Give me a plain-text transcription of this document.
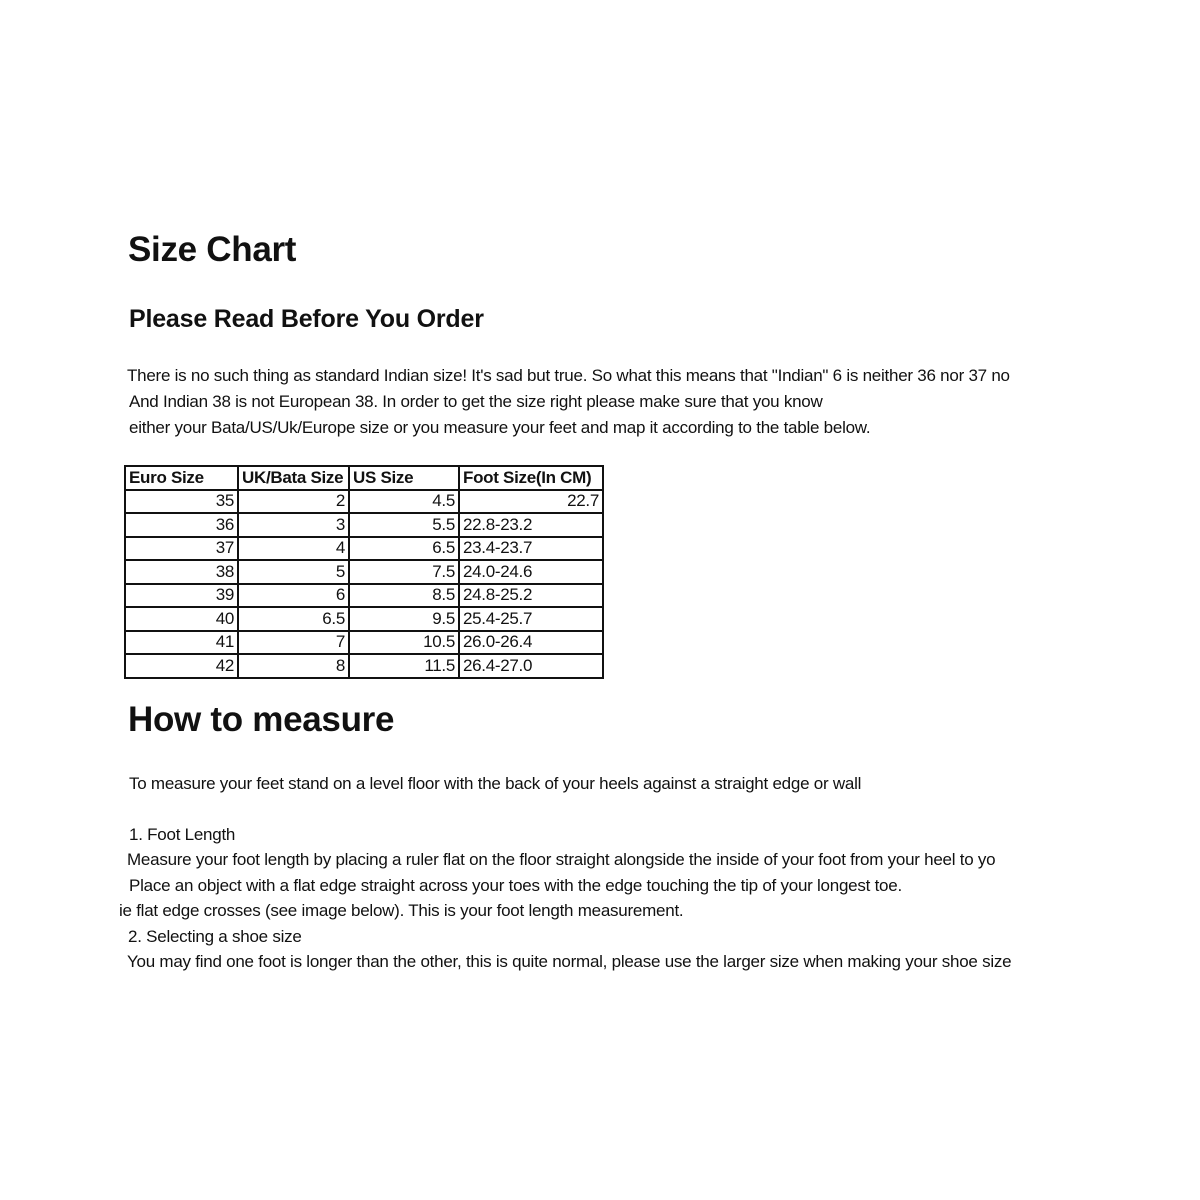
Size Chart
Please Read Before You Order
There is no such thing as standard Indian size! It's sad but true. So what this means that "Indian" 6 is neither 36 nor 37 no
And Indian 38 is not European 38. In order to get the size right please make sure that you know
either your Bata/US/Uk/Europe size or you measure your feet and map it according to the table below.
Euro Size	UK/Bata Size	US Size	Foot Size(In CM)
35	2	4.5	22.7
36	3	5.5	22.8-23.2
37	4	6.5	23.4-23.7
38	5	7.5	24.0-24.6
39	6	8.5	24.8-25.2
40	6.5	9.5	25.4-25.7
41	7	10.5	26.0-26.4
42	8	11.5	26.4-27.0
How to measure
To measure your feet stand on a level floor with the back of your heels against a straight edge or wall
1. Foot Length
Measure your foot length by placing a ruler flat on the floor straight alongside the inside of your foot from your heel to yo
Place an object with a flat edge straight across your toes with the edge touching the tip of your longest toe.
ie flat edge crosses (see image below). This is your foot length measurement.
2. Selecting a shoe size
You may find one foot is longer than the other, this is quite normal, please use the larger size when making your shoe size
